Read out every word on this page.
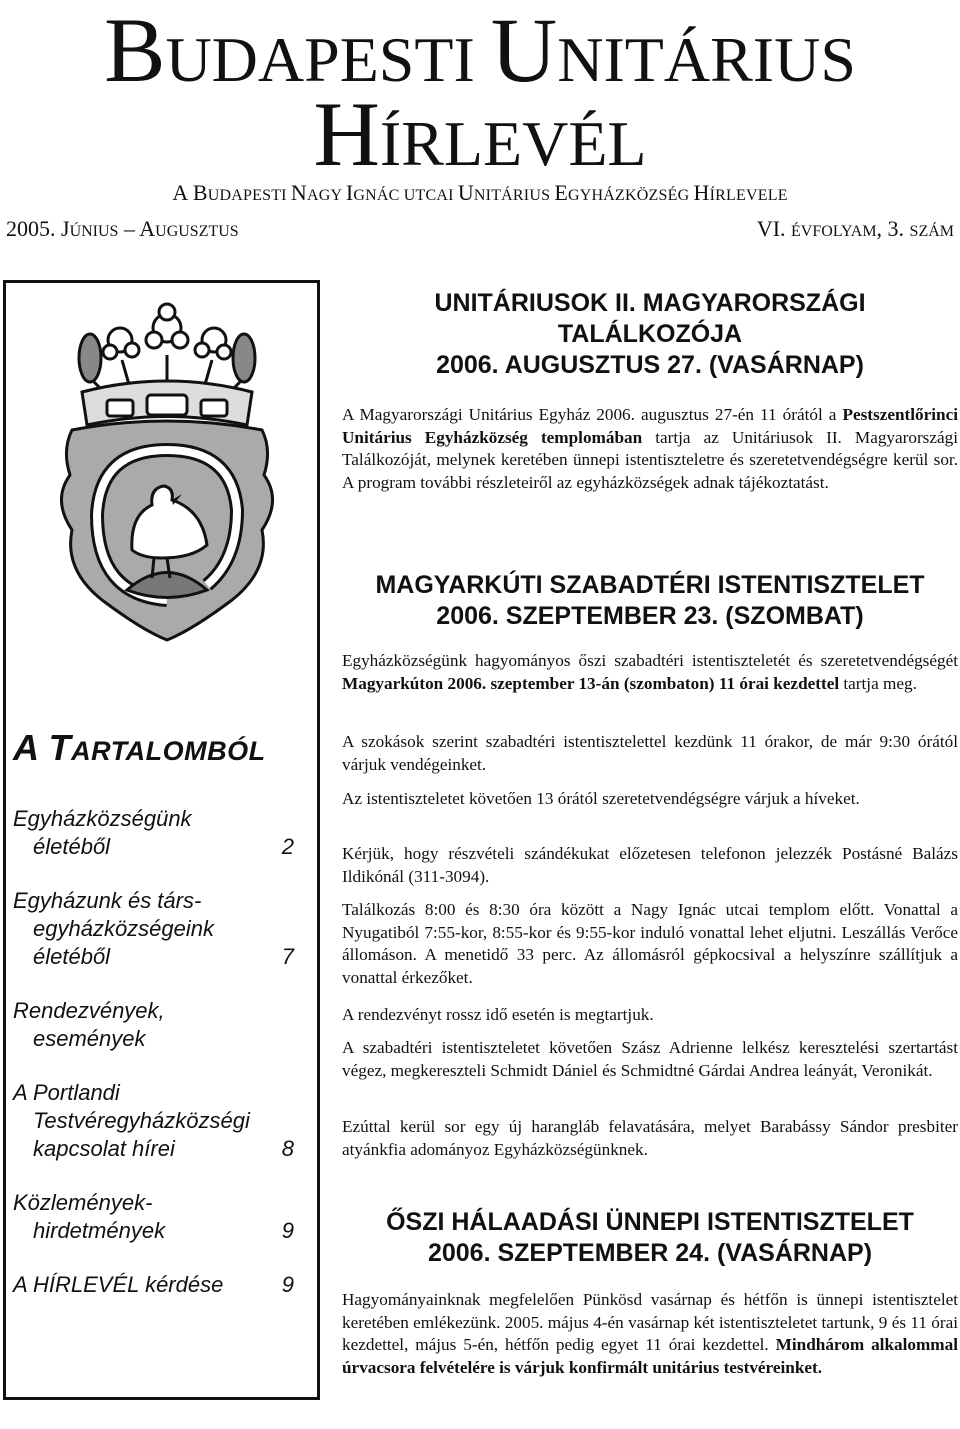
BUDAPESTI UNITÁRIUS
HÍRLEVÉL
A BUDAPESTI NAGY IGNÁC UTCAI UNITÁRIUS EGYHÁZKÖZSÉG HÍRLEVELE
2005. JÚNIUS – AUGUSZTUS	VI. ÉVFOLYAM, 3. SZÁM
A TARTALOMBÓL
Egyházközségünk
életéből	2
Egyházunk és társ-
egyházközségeink
életéből	7
Rendezvények,
események
A Portlandi
Testvéregyházközségi
kapcsolat hírei	8
Közlemények-
hirdetmények	9
A HÍRLEVÉL kérdése	9
UNITÁRIUSOK II. MAGYARORSZÁGI
TALÁLKOZÓJA
2006. AUGUSZTUS 27. (VASÁRNAP)
A Magyarországi Unitárius Egyház 2006. augusztus 27-én 11 órától a Pestszentlőrinci Unitárius Egyházközség templomában tartja az Unitáriusok II. Magyarországi Találkozóját, melynek keretében ünnepi istentiszteletre és szeretetvendégségre kerül sor. A program további részleteiről az egyházközségek adnak tájékoztatást.
MAGYARKÚTI SZABADTÉRI ISTENTISZTELET
2006. SZEPTEMBER 23. (SZOMBAT)
Egyházközségünk hagyományos őszi szabadtéri istentiszteletét és szeretetvendégségét Magyarkúton 2006. szeptember 13-án (szombaton) 11 órai kezdettel tartja meg.
A szokások szerint szabadtéri istentisztelettel kezdünk 11 órakor, de már 9:30 órától várjuk vendégeinket.
Az istentiszteletet követően 13 órától szeretetvendégségre várjuk a híveket.
Kérjük, hogy részvételi szándékukat előzetesen telefonon jelezzék Postásné Balázs Ildikónál (311-3094).
Találkozás 8:00 és 8:30 óra között a Nagy Ignác utcai templom előtt. Vonattal a Nyugatiból 7:55-kor, 8:55-kor és 9:55-kor induló vonattal lehet eljutni. Leszállás Verőce állomáson. A menetidő 33 perc. Az állomásról gépkocsival a helyszínre szállítjuk a vonattal érkezőket.
A rendezvényt rossz idő esetén is megtartjuk.
A szabadtéri istentiszteletet követően Szász Adrienne lelkész keresztelési szertartást végez, megkereszteli Schmidt Dániel és Schmidtné Gárdai Andrea leányát, Veronikát.
Ezúttal kerül sor egy új harangláb felavatására, melyet Barabássy Sándor presbiter atyánkfia adományoz Egyházközségünknek.
ŐSZI HÁLAADÁSI ÜNNEPI ISTENTISZTELET
2006. SZEPTEMBER 24. (VASÁRNAP)
Hagyományainknak megfelelően Pünkösd vasárnap és hétfőn is ünnepi istentisztelet keretében emlékezünk. 2005. május 4-én vasárnap két istentiszteletet tartunk, 9 és 11 órai kezdettel, május 5-én, hétfőn pedig egyet 11 órai kezdettel. Mindhárom alkalommal úrvacsora felvételére is várjuk konfirmált unitárius testvéreinket.
